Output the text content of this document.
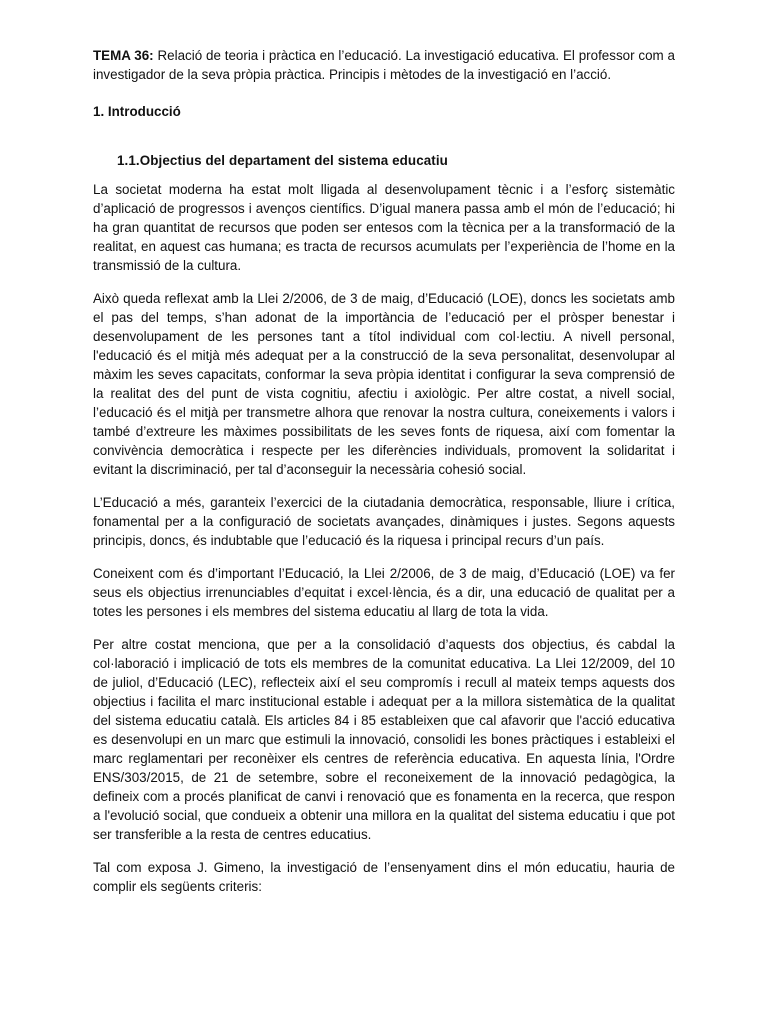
TEMA 36: Relació de teoria i pràctica en l’educació. La investigació educativa. El professor com a investigador de la seva pròpia pràctica. Principis i mètodes de la investigació en l’acció.

1. Introducció
1.1.Objectius del departament del sistema educatiu

La societat moderna ha estat molt lligada al desenvolupament tècnic i a l’esforç sistemàtic d’aplicació de progressos i avenços científics. D’igual manera passa amb el món de l’educació; hi ha gran quantitat de recursos que poden ser entesos com la tècnica per a la transformació de la realitat, en aquest cas humana; es tracta de recursos acumulats per l’experiència de l’home en la transmissió de la cultura.

Això queda reflexat amb la Llei 2/2006, de 3 de maig, d’Educació (LOE), doncs les societats amb el pas del temps, s’han adonat de la importància de l’educació per el pròsper benestar i desenvolupament de les persones tant a títol individual com col·lectiu. A nivell personal, l'educació és el mitjà més adequat per a la construcció de la seva personalitat, desenvolupar al màxim les seves capacitats, conformar la seva pròpia identitat i configurar la seva comprensió de la realitat des del punt de vista cognitiu, afectiu i axiològic. Per altre costat, a nivell social, l’educació és el mitjà per transmetre alhora que renovar la nostra cultura, coneixements i valors i també d’extreure les màximes possibilitats de les seves fonts de riquesa, així com fomentar la convivència democràtica i respecte per les diferències individuals, promovent la solidaritat i evitant la discriminació, per tal d’aconseguir la necessària cohesió social.

L’Educació a més, garanteix l’exercici de la ciutadania democràtica, responsable, lliure i crítica, fonamental per a la configuració de societats avançades, dinàmiques i justes. Segons aquests principis, doncs, és indubtable que l’educació és la riquesa i principal recurs d’un país.

Coneixent com és d’important l’Educació, la Llei 2/2006, de 3 de maig, d’Educació (LOE) va fer seus els objectius irrenunciables d’equitat i excel·lència, és a dir, una educació de qualitat per a totes les persones i els membres del sistema educatiu al llarg de tota la vida.

Per altre costat menciona, que per a la consolidació d’aquests dos objectius, és cabdal la col·laboració i implicació de tots els membres de la comunitat educativa. La Llei 12/2009, del 10 de juliol, d’Educació (LEC), reflecteix així el seu compromís i recull al mateix temps aquests dos objectius i facilita el marc institucional estable i adequat per a la millora sistemàtica de la qualitat del sistema educatiu català. Els articles 84 i 85 estableixen que cal afavorir que l'acció educativa es desenvolupi en un marc que estimuli la innovació, consolidi les bones pràctiques i estableixi el marc reglamentari per reconèixer els centres de referència educativa. En aquesta línia, l'Ordre ENS/303/2015, de 21 de setembre, sobre el reconeixement de la innovació pedagògica, la defineix com a procés planificat de canvi i renovació que es fonamenta en la recerca, que respon a l'evolució social, que condueix a obtenir una millora en la qualitat del sistema educatiu i que pot ser transferible a la resta de centres educatius.

Tal com exposa J. Gimeno, la investigació de l’ensenyament dins el món educatiu, hauria de complir els següents criteris:
